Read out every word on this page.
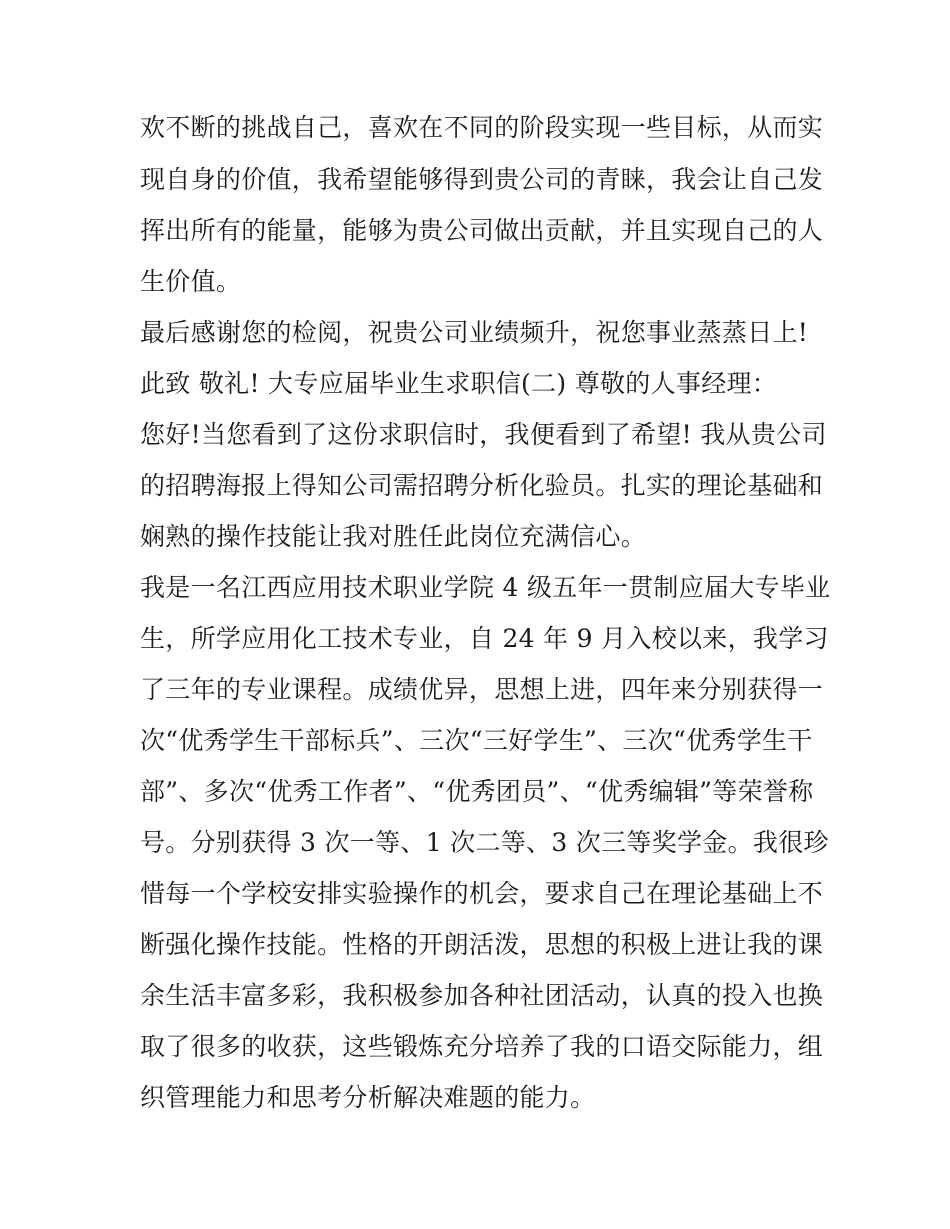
欢不断的挑战自己，喜欢在不同的阶段实现一些目标，从而实
现自身的价值，我希望能够得到贵公司的青睐，我会让自己发
挥出所有的能量，能够为贵公司做出贡献，并且实现自己的人
生价值。
最后感谢您的检阅，祝贵公司业绩频升，祝您事业蒸蒸日上!
此致 敬礼! 大专应届毕业生求职信(二) 尊敬的人事经理：
您好!当您看到了这份求职信时，我便看到了希望! 我从贵公司
的招聘海报上得知公司需招聘分析化验员。扎实的理论基础和
娴熟的操作技能让我对胜任此岗位充满信心。
我是一名江西应用技术职业学院 4 级五年一贯制应届大专毕业
生，所学应用化工技术专业，自 24 年 9 月入校以来，我学习
了三年的专业课程。成绩优异，思想上进，四年来分别获得一
次“优秀学生干部标兵”、三次“三好学生”、三次“优秀学生干
部”、多次“优秀工作者”、“优秀团员”、“优秀编辑”等荣誉称
号。分别获得 3 次一等、1 次二等、3 次三等奖学金。我很珍
惜每一个学校安排实验操作的机会，要求自己在理论基础上不
断强化操作技能。性格的开朗活泼，思想的积极上进让我的课
余生活丰富多彩，我积极参加各种社团活动，认真的投入也换
取了很多的收获，这些锻炼充分培养了我的口语交际能力，组
织管理能力和思考分析解决难题的能力。
